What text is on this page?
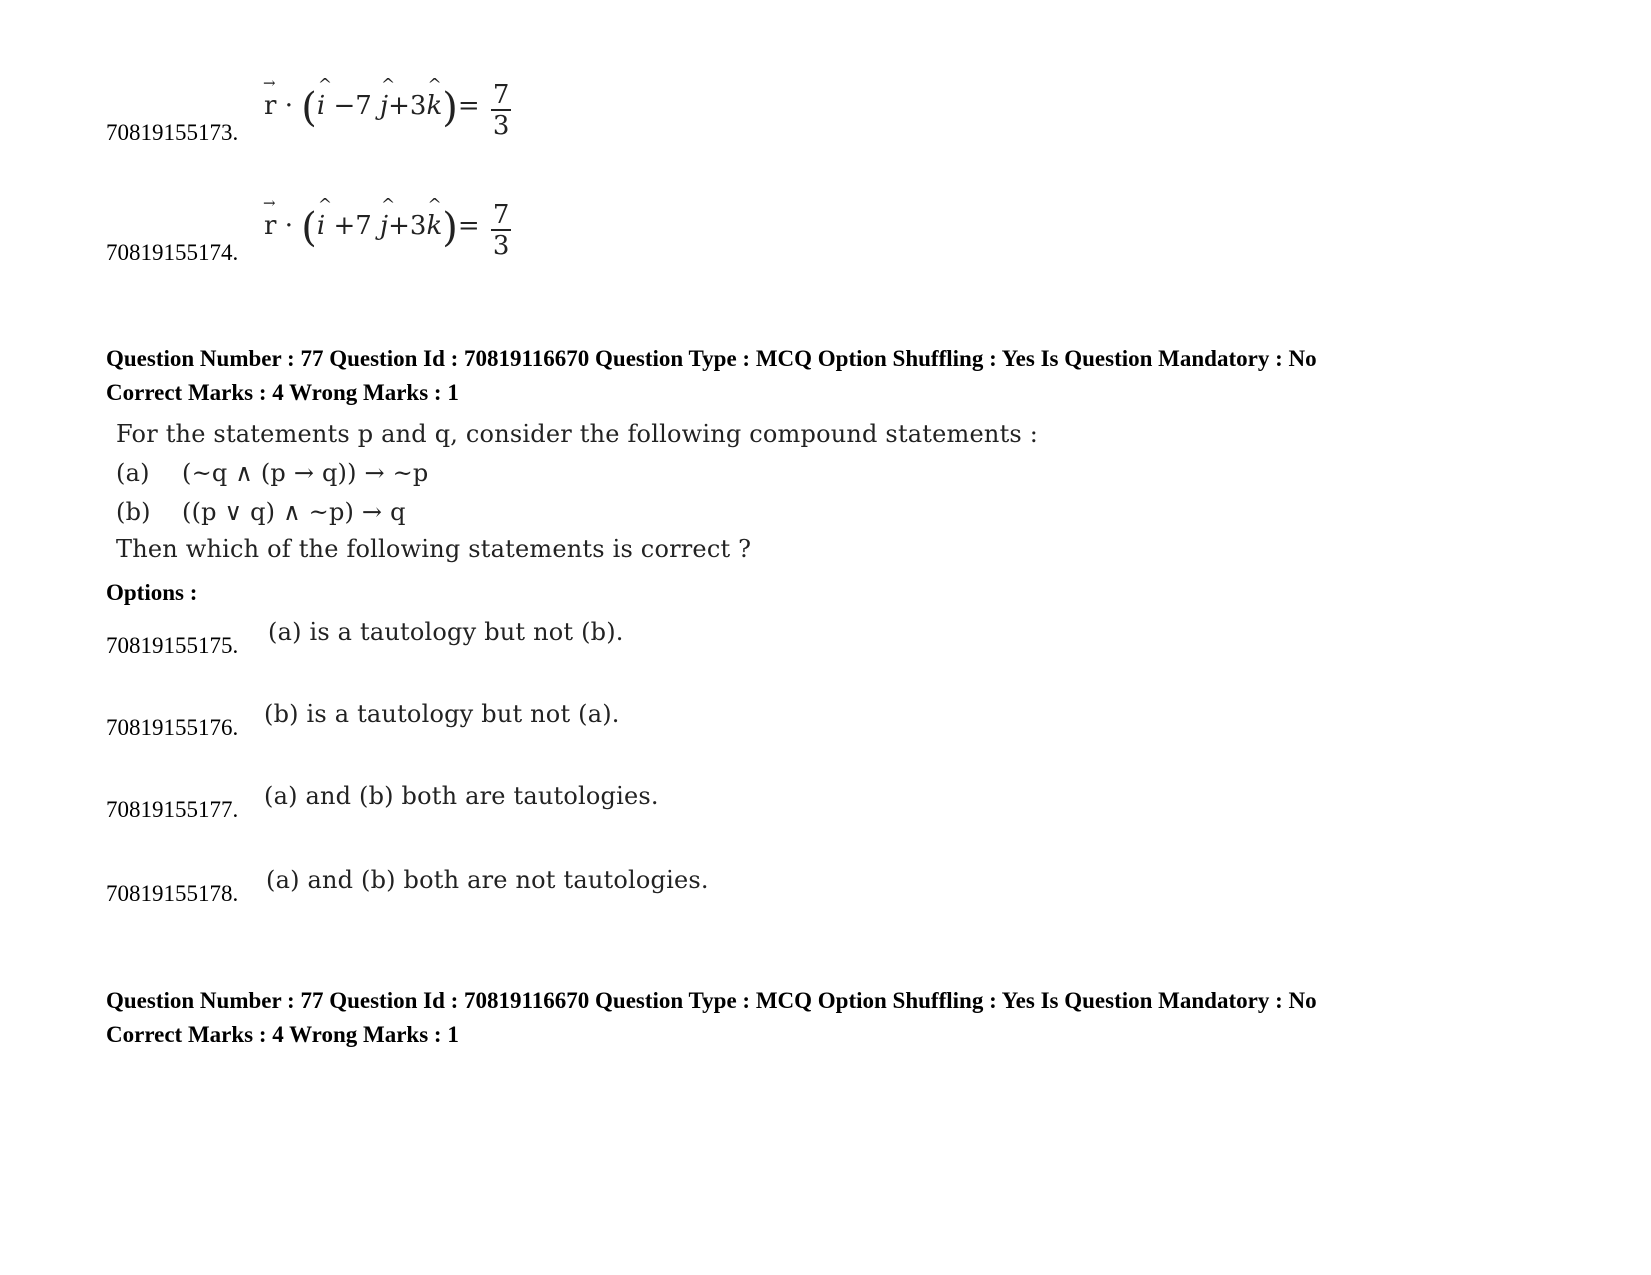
→ r · (^ i −7 ^ j+3^ $k)= \frac{7}{3}$
70819155173.
→ r · (^ i +7 ^ j+3^ $k)= \frac{7}{3}$
70819155174.
Question Number : 77 Question Id : 70819116670 Question Type : MCQ Option Shuffling : Yes Is Question Mandatory : No
Correct Marks : 4 Wrong Marks : 1
For the statements p and q, consider the following compound statements :
(a) (~q ∧ (p → q)) → ~p
(b) ((p ∨ q) ∧ ~p) → q
Then which of the following statements is correct ?
Options :
70819155175. (a) is a tautology but not (b).
70819155176. (b) is a tautology but not (a).
70819155177. (a) and (b) both are tautologies.
70819155178. (a) and (b) both are not tautologies.
Question Number : 77 Question Id : 70819116670 Question Type : MCQ Option Shuffling : Yes Is Question Mandatory : No
Correct Marks : 4 Wrong Marks : 1
